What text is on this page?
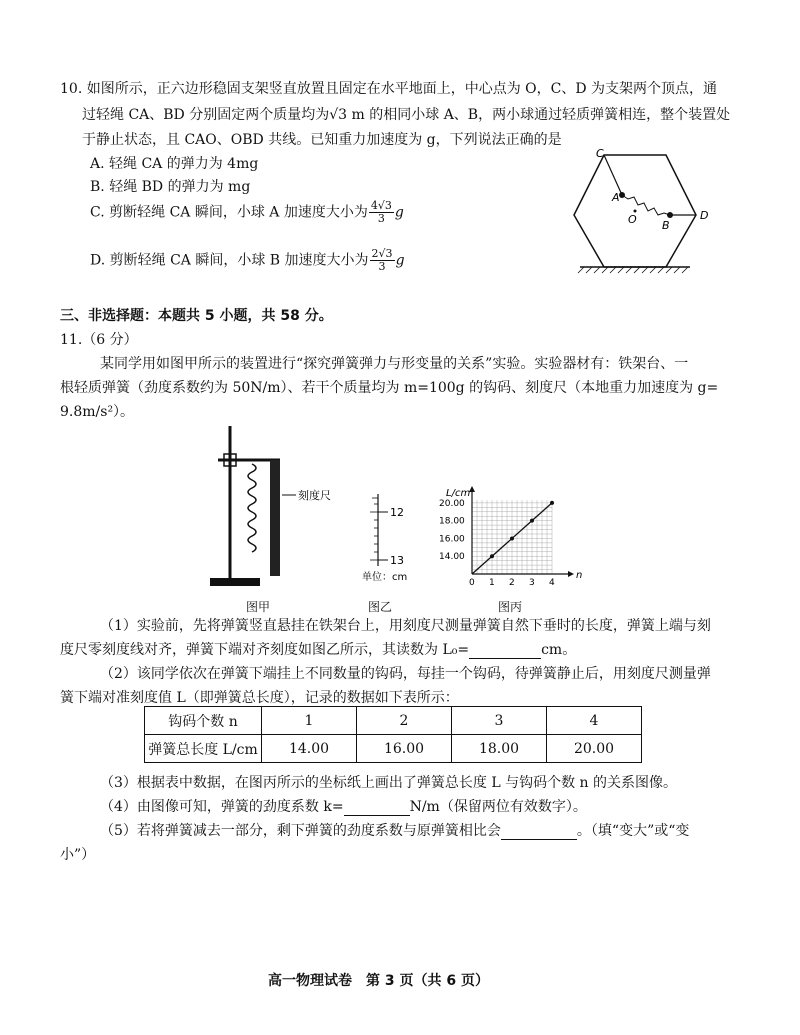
10. 如图所示，正六边形稳固支架竖直放置且固定在水平地面上，中心点为 O，C、D 为支架两个顶点，通
过轻绳 CA、BD 分别固定两个质量均为√3 m 的相同小球 A、B，两小球通过轻质弹簧相连，整个装置处
于静止状态，且 CAO、OBD 共线。已知重力加速度为 g，下列说法正确的是
A. 轻绳 CA 的弹力为 4mg
B. 轻绳 BD 的弹力为 mg
C. 剪断轻绳 CA 瞬间，小球 A 加速度大小为 $\frac{4√3}{3}$ g
D. 剪断轻绳 CA 瞬间，小球 B 加速度大小为 $\frac{2√3}{3}$ g
C
A
O B
D
三、非选择题：本题共 5 小题，共 58 分。
11.（6 分）
某同学用如图甲所示的装置进行“探究弹簧弹力与形变量的关系”实验。实验器材有：铁架台、一
根轻质弹簧（劲度系数约为 50N/m）、若干个质量均为 m=100g 的钩码、刻度尺（本地重力加速度为 g=
9.8m/s²）。
刻度尺
12
13
单位：cm	n
L/cm
0 1 2 3 4
14.00
16.00
18.00
20.00
图甲	图乙	图丙
（1）实验前，先将弹簧竖直悬挂在铁架台上，用刻度尺测量弹簧自然下垂时的长度，弹簧上端与刻
度尺零刻度线对齐，弹簧下端对齐刻度如图乙所示，其读数为 L₀=	cm。
（2）该同学依次在弹簧下端挂上不同数量的钩码，每挂一个钩码，待弹簧静止后，用刻度尺测量弹
簧下端对准刻度值 L（即弹簧总长度），记录的数据如下表所示：
钩码个数 n	1	2	3	4
弹簧总长度 L/cm	14.00	16.00	18.00	20.00
（3）根据表中数据，在图丙所示的坐标纸上画出了弹簧总长度 L 与钩码个数 n 的关系图像。
（4）由图像可知，弹簧的劲度系数 k=	N/m（保留两位有效数字）。
（5）若将弹簧减去一部分，剩下弹簧的劲度系数与原弹簧相比会	。（填“变大”或“变
小”）
高一物理试卷　第 3 页（共 6 页）
